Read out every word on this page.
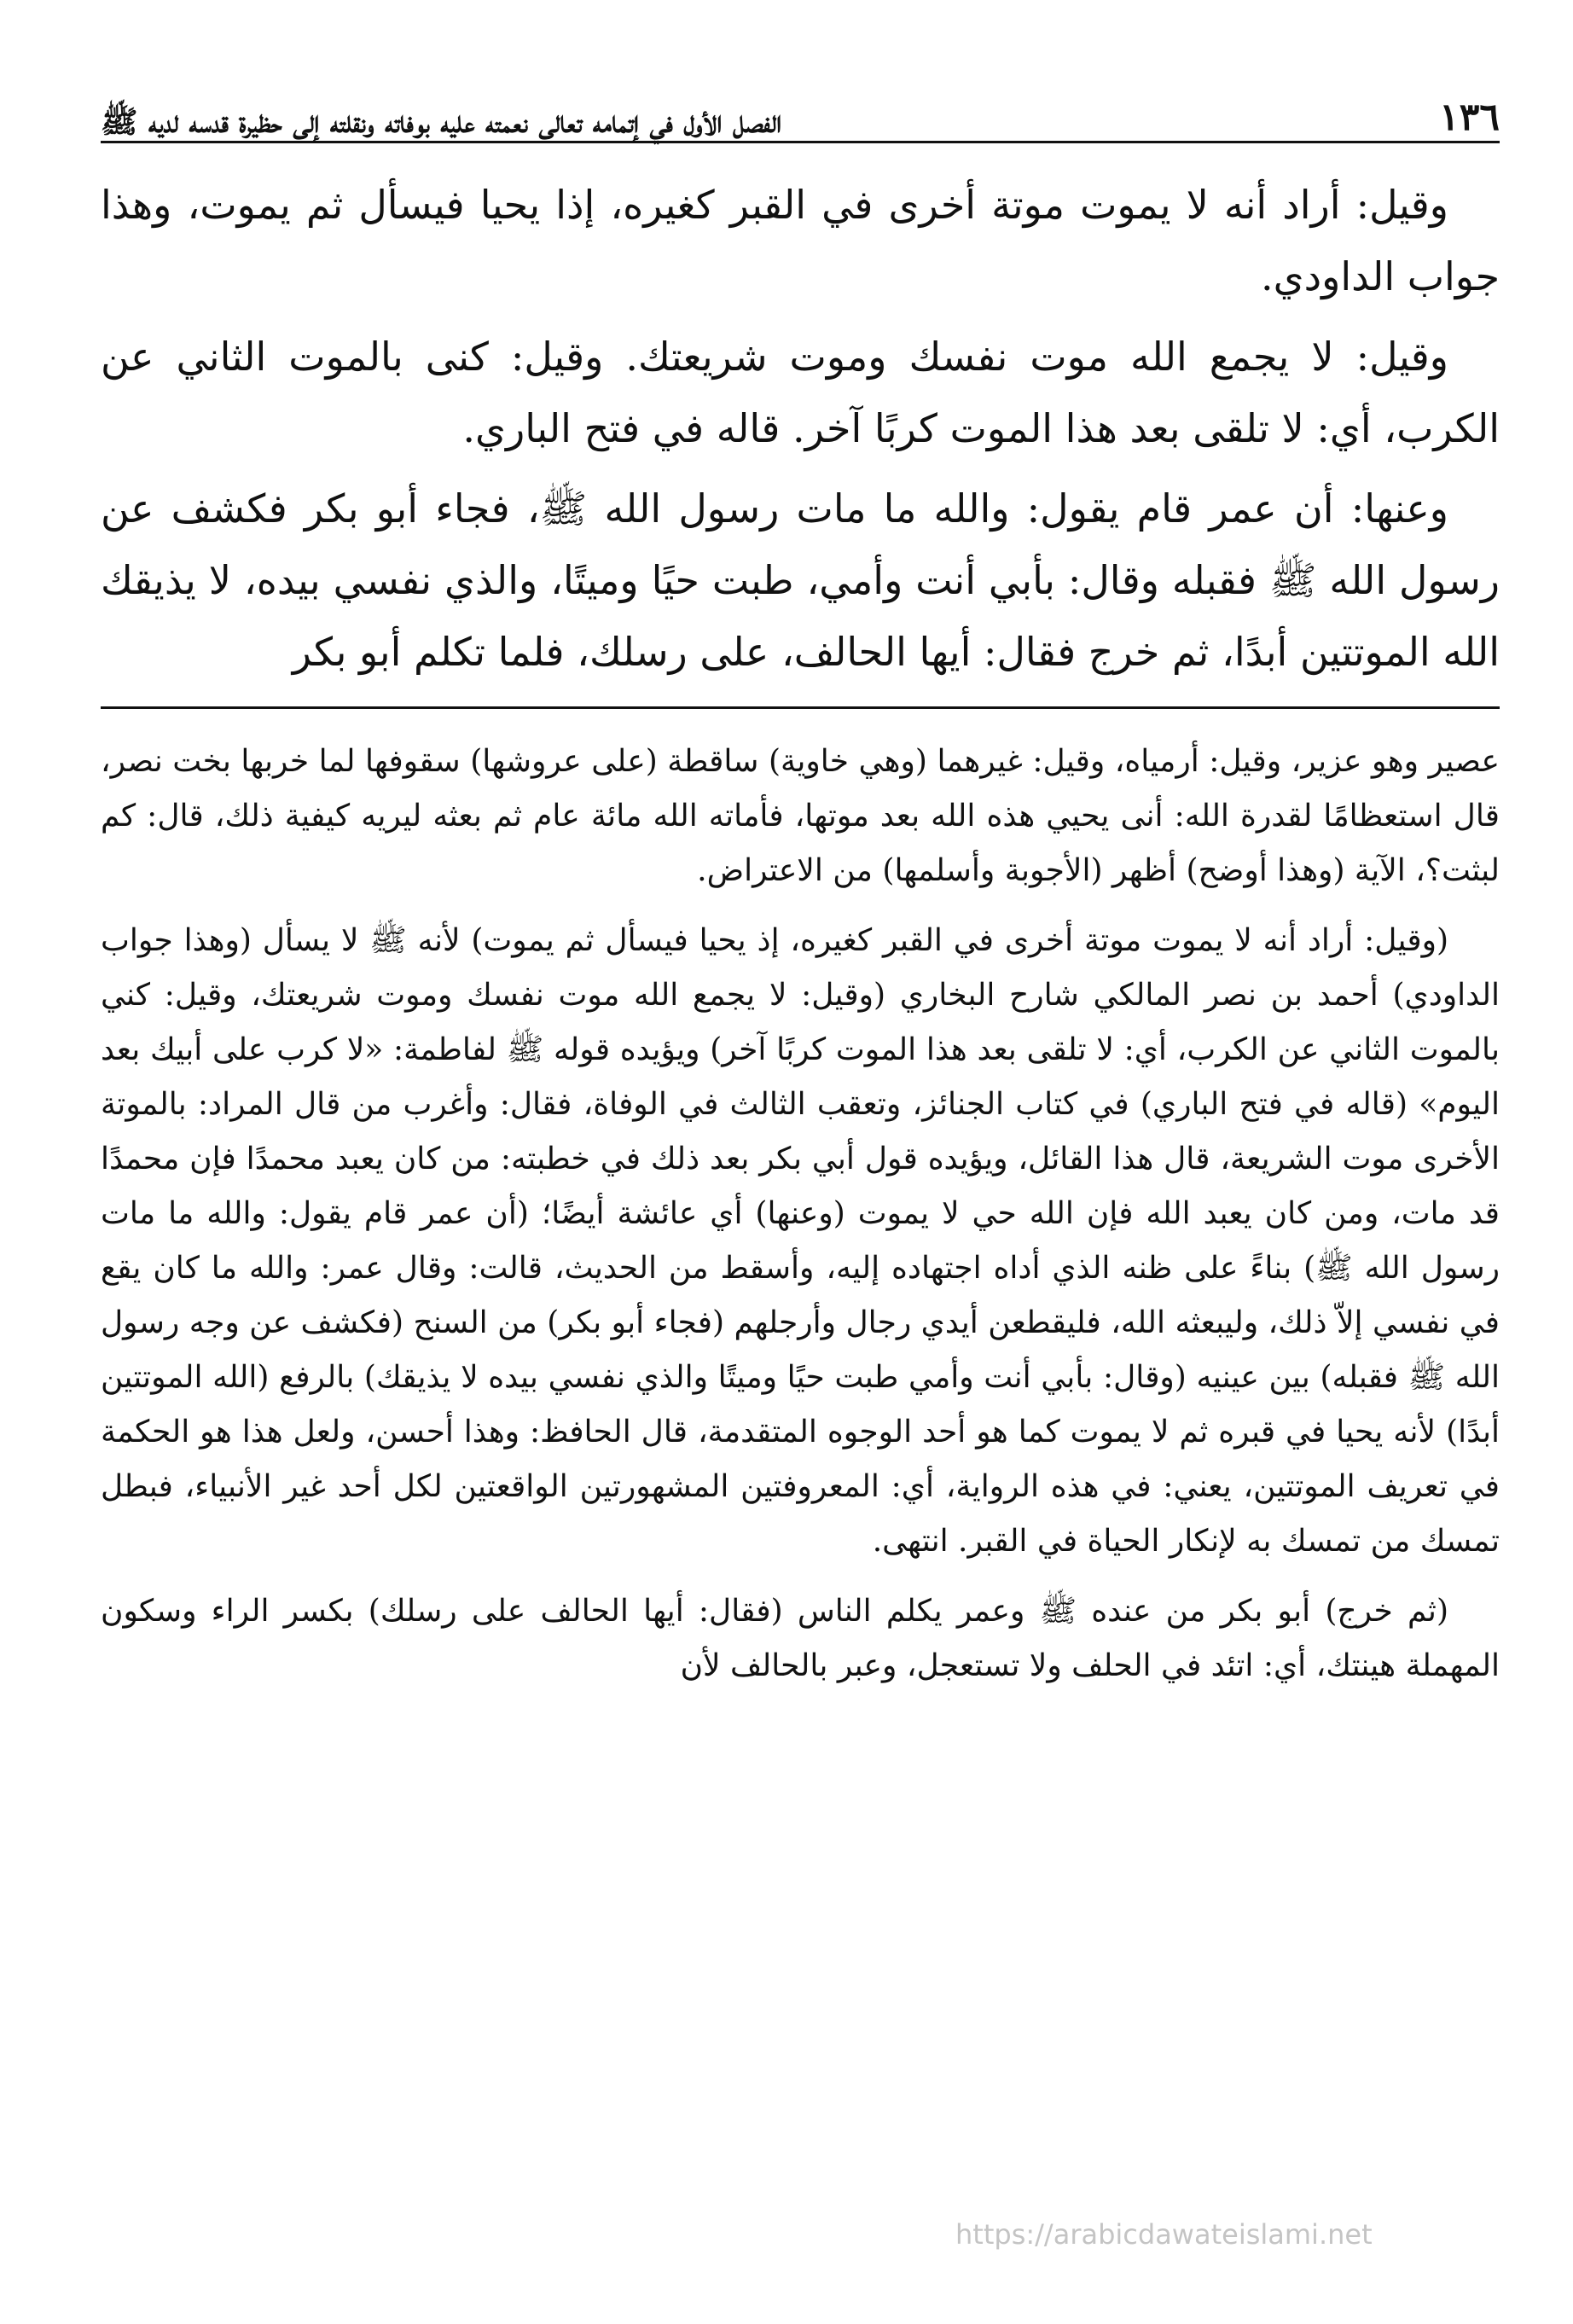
١٣٦
الفصل الأول في إتمامه تعالى نعمته عليه بوفاته ونقلته إلى حظيرة قدسه لديه ﷺ

وقيل: أراد أنه لا يموت موتة أخرى في القبر كغيره، إذا يحيا فيسأل ثم يموت، وهذا جواب الداودي.

وقيل: لا يجمع الله موت نفسك وموت شريعتك. وقيل: كنى بالموت الثاني عن الكرب، أي: لا تلقى بعد هذا الموت كربًا آخر. قاله في فتح الباري.

وعنها: أن عمر قام يقول: والله ما مات رسول الله ﷺ، فجاء أبو بكر فكشف عن رسول الله ﷺ فقبله وقال: بأبي أنت وأمي، طبت حيًا وميتًا، والذي نفسي بيده، لا يذيقك الله الموتتين أبدًا، ثم خرج فقال: أيها الحالف، على رسلك، فلما تكلم أبو بكر

عصير وهو عزير، وقيل: أرمياه، وقيل: غيرهما (وهي خاوية) ساقطة (على عروشها) سقوفها لما خربها بخت نصر، قال استعظامًا لقدرة الله: أنى يحيي هذه الله بعد موتها، فأماته الله مائة عام ثم بعثه ليريه كيفية ذلك، قال: كم لبثت؟، الآية (وهذا أوضح) أظهر (الأجوبة وأسلمها) من الاعتراض.

(وقيل: أراد أنه لا يموت موتة أخرى في القبر كغيره، إذ يحيا فيسأل ثم يموت) لأنه ﷺ لا يسأل (وهذا جواب الداودي) أحمد بن نصر المالكي شارح البخاري (وقيل: لا يجمع الله موت نفسك وموت شريعتك، وقيل: كني بالموت الثاني عن الكرب، أي: لا تلقى بعد هذا الموت كربًا آخر) ويؤيده قوله ﷺ لفاطمة: «لا كرب على أبيك بعد اليوم» (قاله في فتح الباري) في كتاب الجنائز، وتعقب الثالث في الوفاة، فقال: وأغرب من قال المراد: بالموتة الأخرى موت الشريعة، قال هذا القائل، ويؤيده قول أبي بكر بعد ذلك في خطبته: من كان يعبد محمدًا فإن محمدًا قد مات، ومن كان يعبد الله فإن الله حي لا يموت (وعنها) أي عائشة أيضًا؛ (أن عمر قام يقول: والله ما مات رسول الله ﷺ) بناءً على ظنه الذي أداه اجتهاده إليه، وأسقط من الحديث، قالت: وقال عمر: والله ما كان يقع في نفسي إلاّ ذلك، وليبعثه الله، فليقطعن أيدي رجال وأرجلهم (فجاء أبو بكر) من السنح (فكشف عن وجه رسول الله ﷺ فقبله) بين عينيه (وقال: بأبي أنت وأمي طبت حيًا وميتًا والذي نفسي بيده لا يذيقك) بالرفع (الله الموتتين أبدًا) لأنه يحيا في قبره ثم لا يموت كما هو أحد الوجوه المتقدمة، قال الحافظ: وهذا أحسن، ولعل هذا هو الحكمة في تعريف الموتتين، يعني: في هذه الرواية، أي: المعروفتين المشهورتين الواقعتين لكل أحد غير الأنبياء، فبطل تمسك من تمسك به لإنكار الحياة في القبر. انتهى.

(ثم خرج) أبو بكر من عنده ﷺ وعمر يكلم الناس (فقال: أيها الحالف على رسلك) بكسر الراء وسكون المهملة هينتك، أي: اتئد في الحلف ولا تستعجل، وعبر بالحالف لأن

https://arabicdawateislami.net
